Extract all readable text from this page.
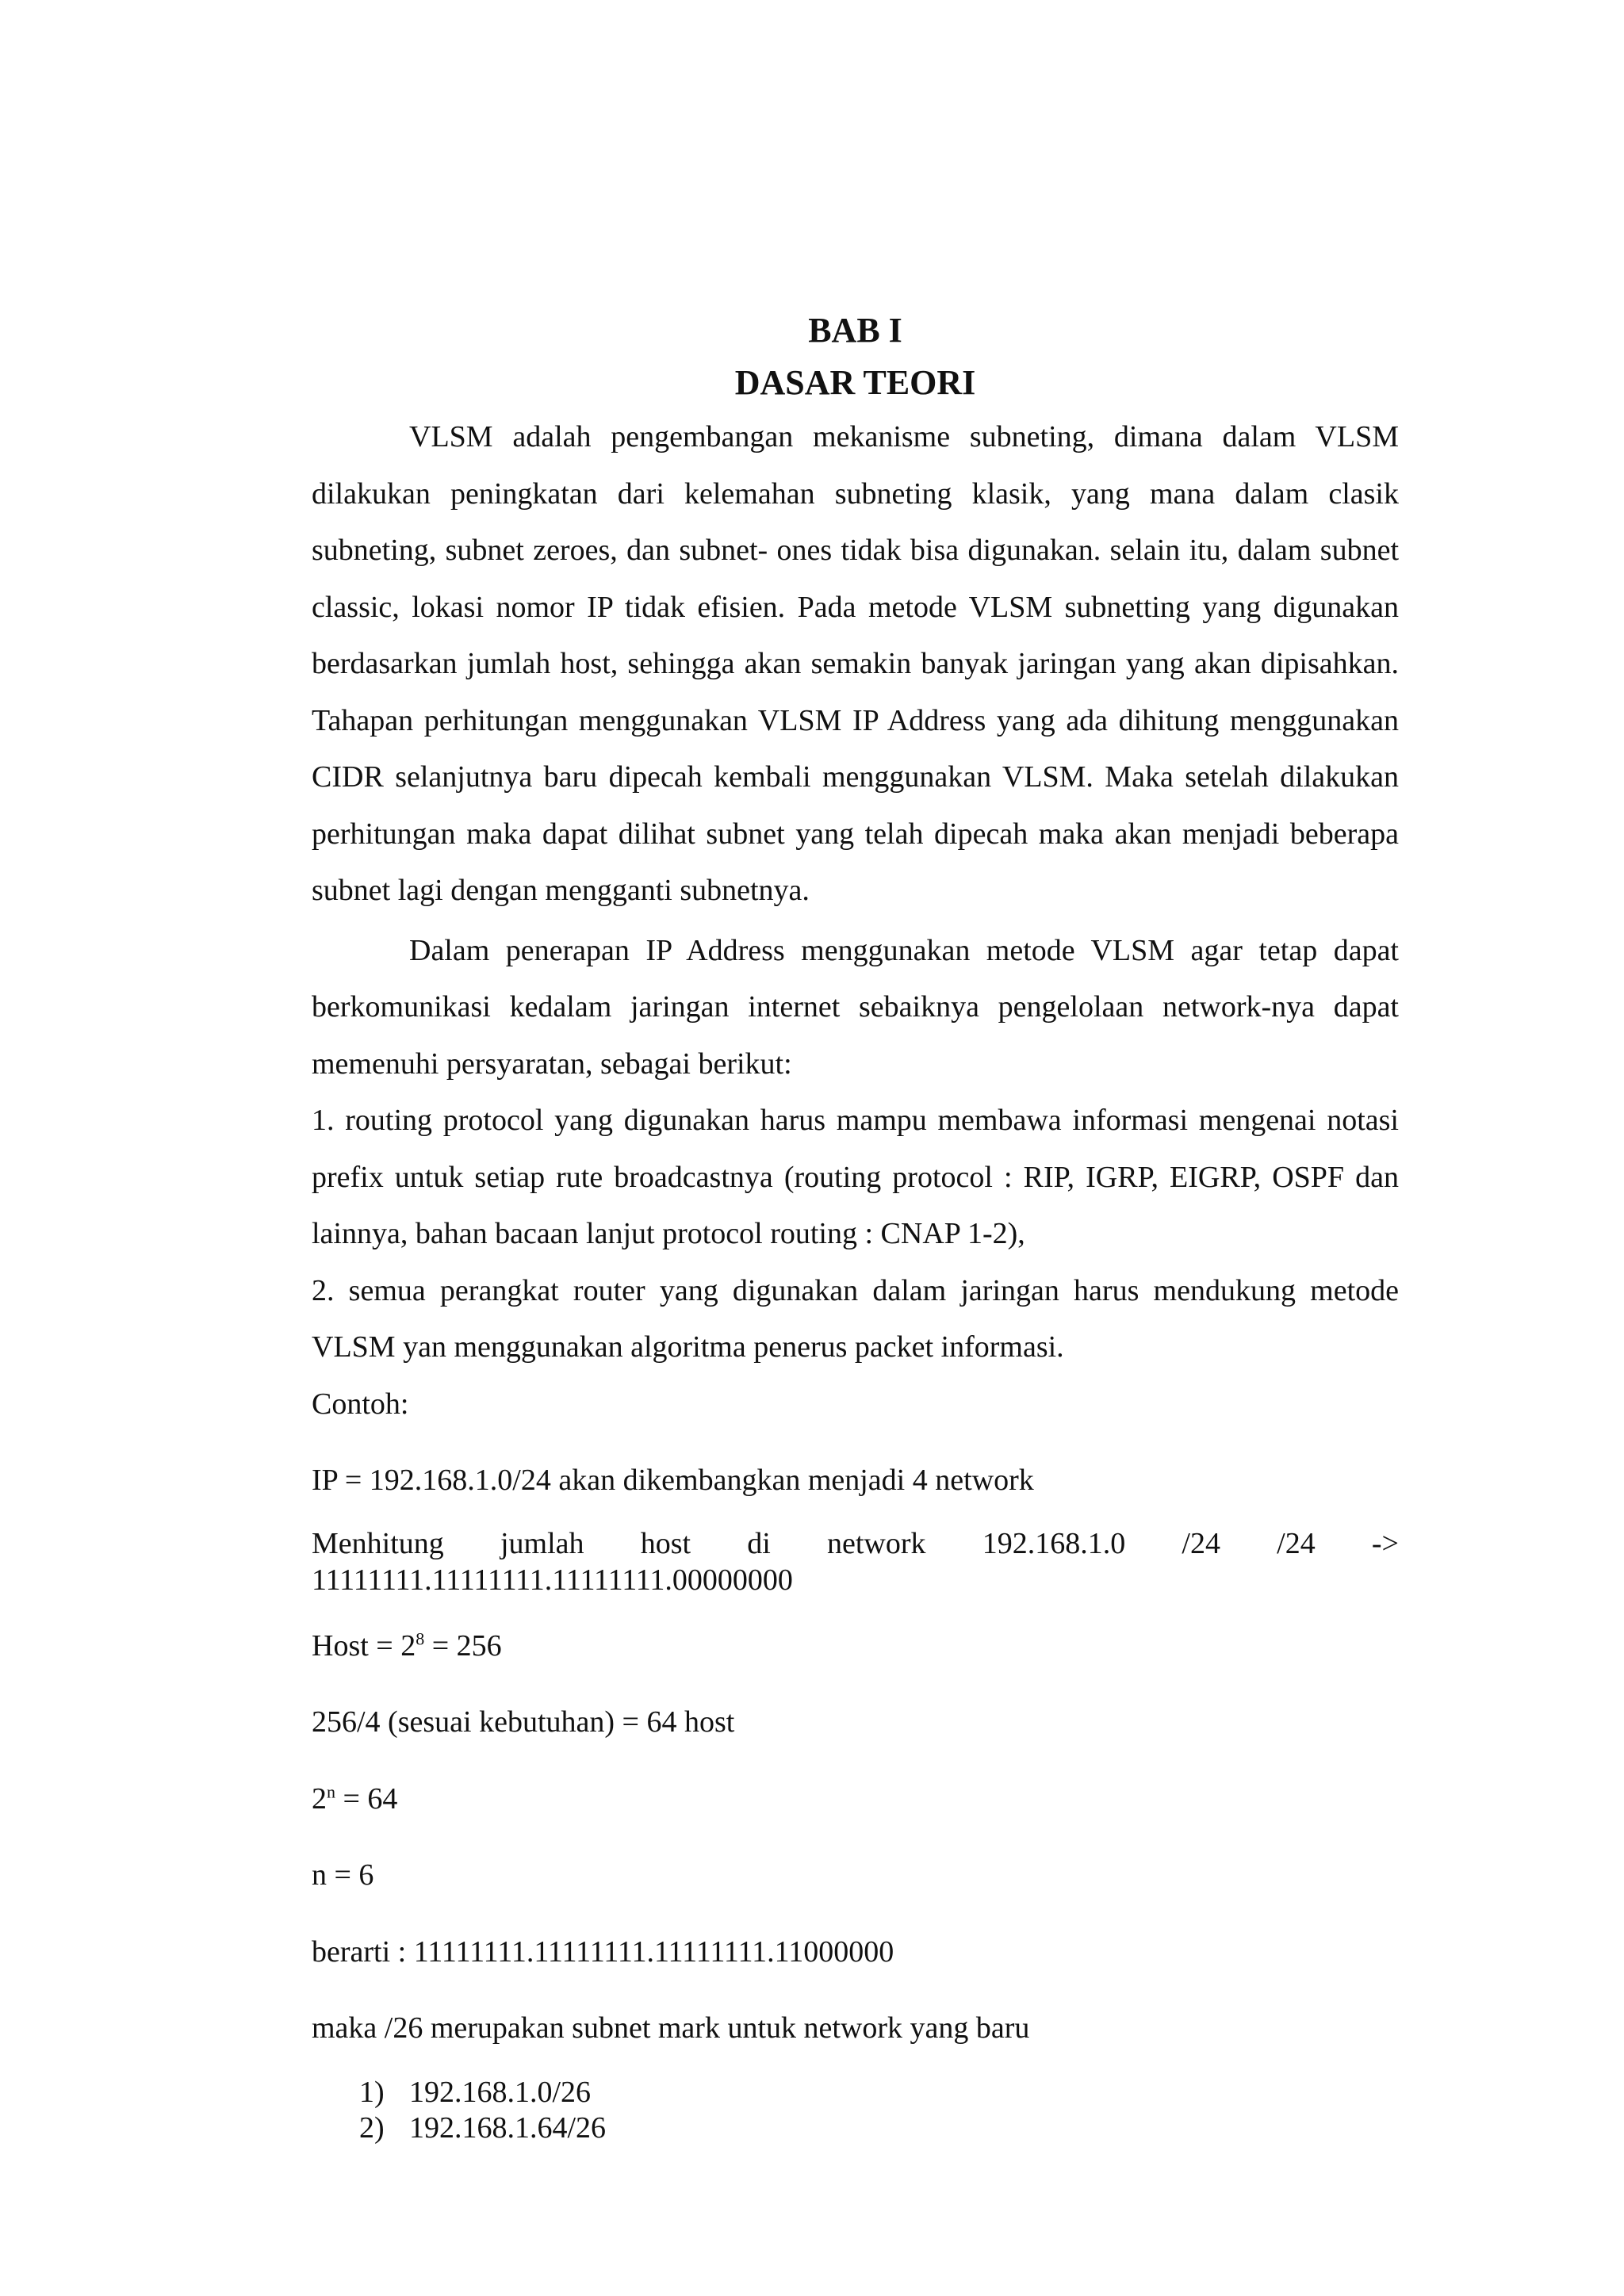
BAB I

DASAR TEORI

VLSM adalah pengembangan mekanisme subneting, dimana dalam VLSM dilakukan peningkatan dari kelemahan subneting klasik, yang mana dalam clasik subneting, subnet zeroes, dan subnet- ones tidak bisa digunakan. selain itu, dalam subnet classic, lokasi nomor IP tidak efisien. Pada metode VLSM subnetting yang digunakan berdasarkan jumlah host, sehingga akan semakin banyak jaringan yang akan dipisahkan. Tahapan perhitungan menggunakan VLSM IP Address yang ada dihitung menggunakan CIDR selanjutnya baru dipecah kembali menggunakan VLSM. Maka setelah dilakukan perhitungan maka dapat dilihat subnet yang telah dipecah maka akan menjadi beberapa subnet lagi dengan mengganti subnetnya.

Dalam penerapan IP Address menggunakan metode VLSM agar tetap dapat berkomunikasi kedalam jaringan internet sebaiknya pengelolaan network-nya dapat memenuhi persyaratan, sebagai berikut:

1. routing protocol yang digunakan harus mampu membawa informasi mengenai notasi prefix untuk setiap rute broadcastnya (routing protocol : RIP, IGRP, EIGRP, OSPF dan lainnya, bahan bacaan lanjut protocol routing : CNAP 1-2),

2. semua perangkat router yang digunakan dalam jaringan harus mendukung metode VLSM yan menggunakan algoritma penerus packet informasi.

Contoh:

IP = 192.168.1.0/24 akan dikembangkan menjadi 4 network

Menhitung jumlah host di network 192.168.1.0 /24 /24 ->
11111111.11111111.11111111.00000000

Host = $2^8 = 256$

256/4 (sesuai kebutuhan) = 64 host

$2^n = 64$

n = 6

berarti : 11111111.11111111.11111111.11000000

maka /26 merupakan subnet mark untuk network yang baru

1) 192.168.1.0/26
2) 192.168.1.64/26
